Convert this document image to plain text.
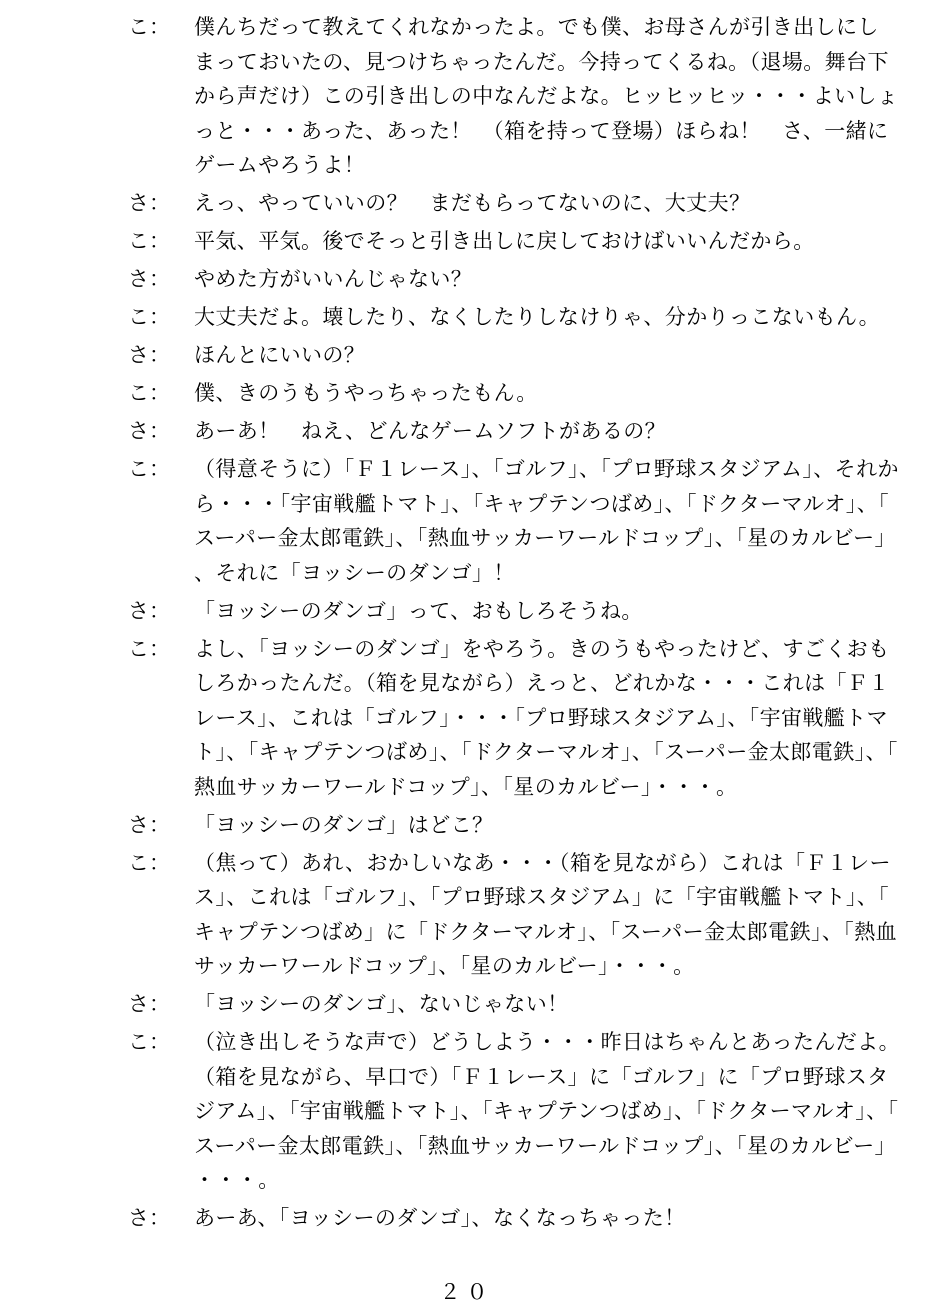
こ：	僕んちだって教えてくれなかったよ。でも僕、お母さんが引き出しにしまっておいたの、見つけちゃったんだ。今持ってくるね。（退場。舞台下から声だけ）この引き出しの中なんだよな。ヒッヒッヒッ・・・よいしょっと・・・あった、あった！　（箱を持って登場）ほらね！　さ、一緒にゲームやろうよ！
さ：	えっ、やっていいの？　まだもらってないのに、大丈夫？
こ：	平気、平気。後でそっと引き出しに戻しておけばいいんだから。
さ：	やめた方がいいんじゃない？
こ：	大丈夫だよ。壊したり、なくしたりしなけりゃ、分かりっこないもん。
さ：	ほんとにいいの？
こ：	僕、きのうもうやっちゃったもん。
さ：	あーあ！　ねえ、どんなゲームソフトがあるの？
こ：	（得意そうに）「Ｆ１レース」、「ゴルフ」、「プロ野球スタジアム」、それから・・・「宇宙戦艦トマト」、「キャプテンつばめ」、「ドクターマルオ」、「スーパー金太郎電鉄」、「熱血サッカーワールドコップ」、「星のカルビー」、それに「ヨッシーのダンゴ」！
さ：	「ヨッシーのダンゴ」って、おもしろそうね。
こ：	よし、「ヨッシーのダンゴ」をやろう。きのうもやったけど、すごくおもしろかったんだ。（箱を見ながら）えっと、どれかな・・・これは「Ｆ１レース」、これは「ゴルフ」・・・「プロ野球スタジアム」、「宇宙戦艦トマト」、「キャプテンつばめ」、「ドクターマルオ」、「スーパー金太郎電鉄」、「熱血サッカーワールドコップ」、「星のカルビー」・・・。
さ：	「ヨッシーのダンゴ」はどこ？
こ：	（焦って）あれ、おかしいなあ・・・（箱を見ながら）これは「Ｆ１レース」、これは「ゴルフ」、「プロ野球スタジアム」に「宇宙戦艦トマト」、「キャプテンつばめ」に「ドクターマルオ」、「スーパー金太郎電鉄」、「熱血サッカーワールドコップ」、「星のカルビー」・・・。
さ：	「ヨッシーのダンゴ」、ないじゃない！
こ：	（泣き出しそうな声で）どうしよう・・・昨日はちゃんとあったんだよ。（箱を見ながら、早口で）「Ｆ１レース」に「ゴルフ」に「プロ野球スタジアム」、「宇宙戦艦トマト」、「キャプテンつばめ」、「ドクターマルオ」、「スーパー金太郎電鉄」、「熱血サッカーワールドコップ」、「星のカルビー」・・・。
さ：	あーあ、「ヨッシーのダンゴ」、なくなっちゃった！
２０
